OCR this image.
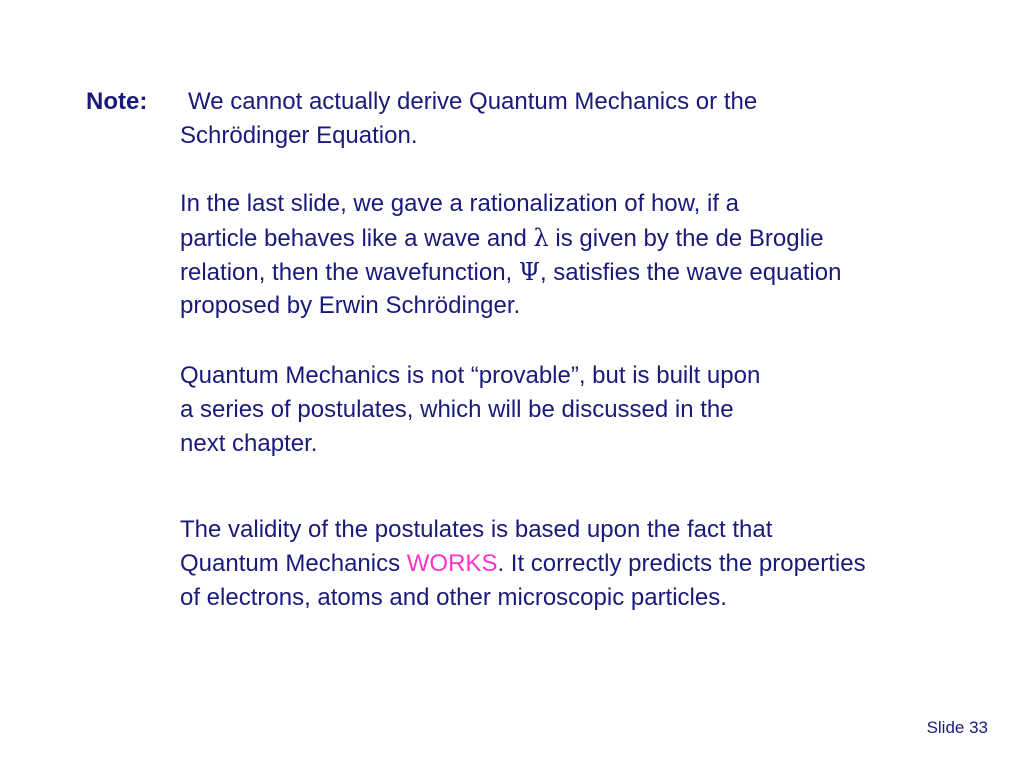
Note: We cannot actually derive Quantum Mechanics or the
Schrödinger Equation.
In the last slide, we gave a rationalization of how, if a
particle behaves like a wave and λ is given by the de Broglie
relation, then the wavefunction, Ψ, satisfies the wave equation
proposed by Erwin Schrödinger.
Quantum Mechanics is not “provable”, but is built upon
a series of postulates, which will be discussed in the
next chapter.
The validity of the postulates is based upon the fact that
Quantum Mechanics WORKS. It correctly predicts the properties
of electrons, atoms and other microscopic particles.
Slide 33
